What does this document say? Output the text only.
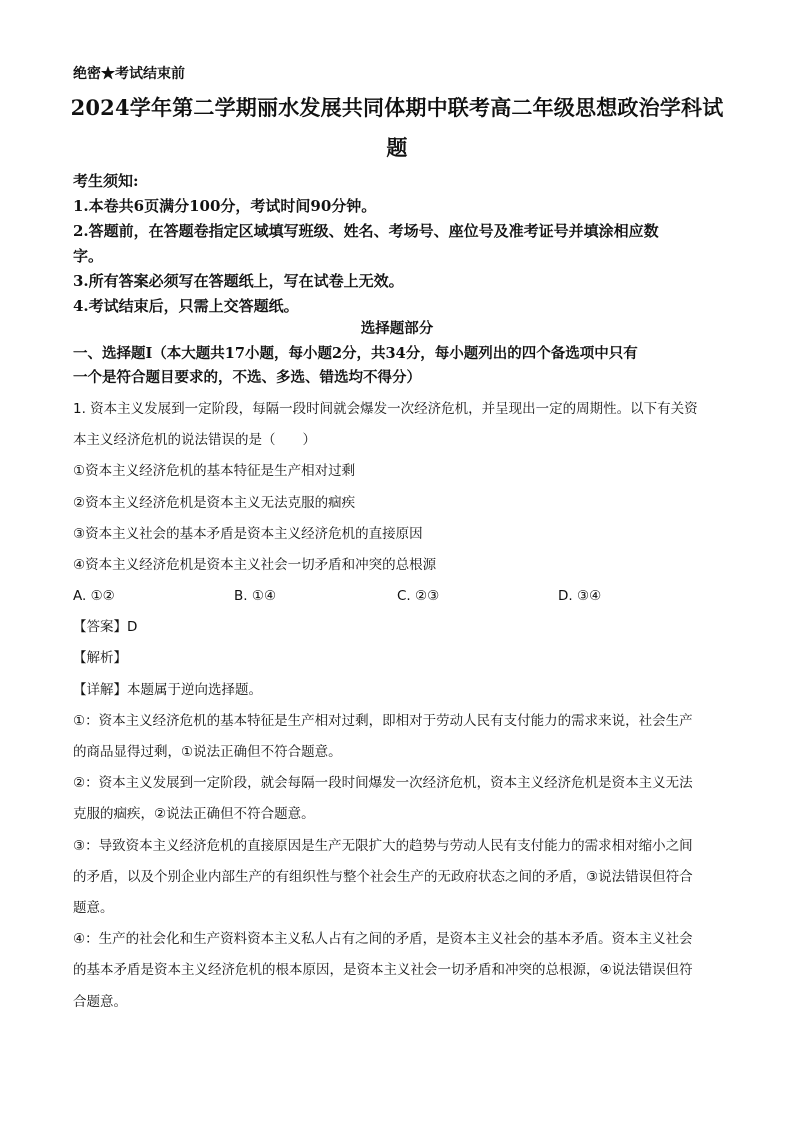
绝密★考试结束前
2024学年第二学期丽水发展共同体期中联考高二年级思想政治学科试
题
考生须知:
1.本卷共6页满分100分，考试时间90分钟。
2.答题前，在答题卷指定区域填写班级、姓名、考场号、座位号及准考证号并填涂相应数
字。
3.所有答案必须写在答题纸上，写在试卷上无效。
4.考试结束后，只需上交答题纸。
选择题部分
一、选择题Ⅰ（本大题共17小题，每小题2分，共34分，每小题列出的四个备选项中只有
一个是符合题目要求的，不选、多选、错选均不得分）
1. 资本主义发展到一定阶段，每隔一段时间就会爆发一次经济危机，并呈现出一定的周期性。以下有关资
本主义经济危机的说法错误的是（　　）
①资本主义经济危机的基本特征是生产相对过剩
②资本主义经济危机是资本主义无法克服的痼疾
③资本主义社会的基本矛盾是资本主义经济危机的直接原因
④资本主义经济危机是资本主义社会一切矛盾和冲突的总根源
A. ①②	B. ①④	C. ②③	D. ③④
【答案】D
【解析】
【详解】本题属于逆向选择题。
①：资本主义经济危机的基本特征是生产相对过剩，即相对于劳动人民有支付能力的需求来说，社会生产
的商品显得过剩，①说法正确但不符合题意。
②：资本主义发展到一定阶段，就会每隔一段时间爆发一次经济危机，资本主义经济危机是资本主义无法
克服的痼疾，②说法正确但不符合题意。
③：导致资本主义经济危机的直接原因是生产无限扩大的趋势与劳动人民有支付能力的需求相对缩小之间
的矛盾，以及个别企业内部生产的有组织性与整个社会生产的无政府状态之间的矛盾，③说法错误但符合
题意。
④：生产的社会化和生产资料资本主义私人占有之间的矛盾，是资本主义社会的基本矛盾。资本主义社会
的基本矛盾是资本主义经济危机的根本原因，是资本主义社会一切矛盾和冲突的总根源，④说法错误但符
合题意。
